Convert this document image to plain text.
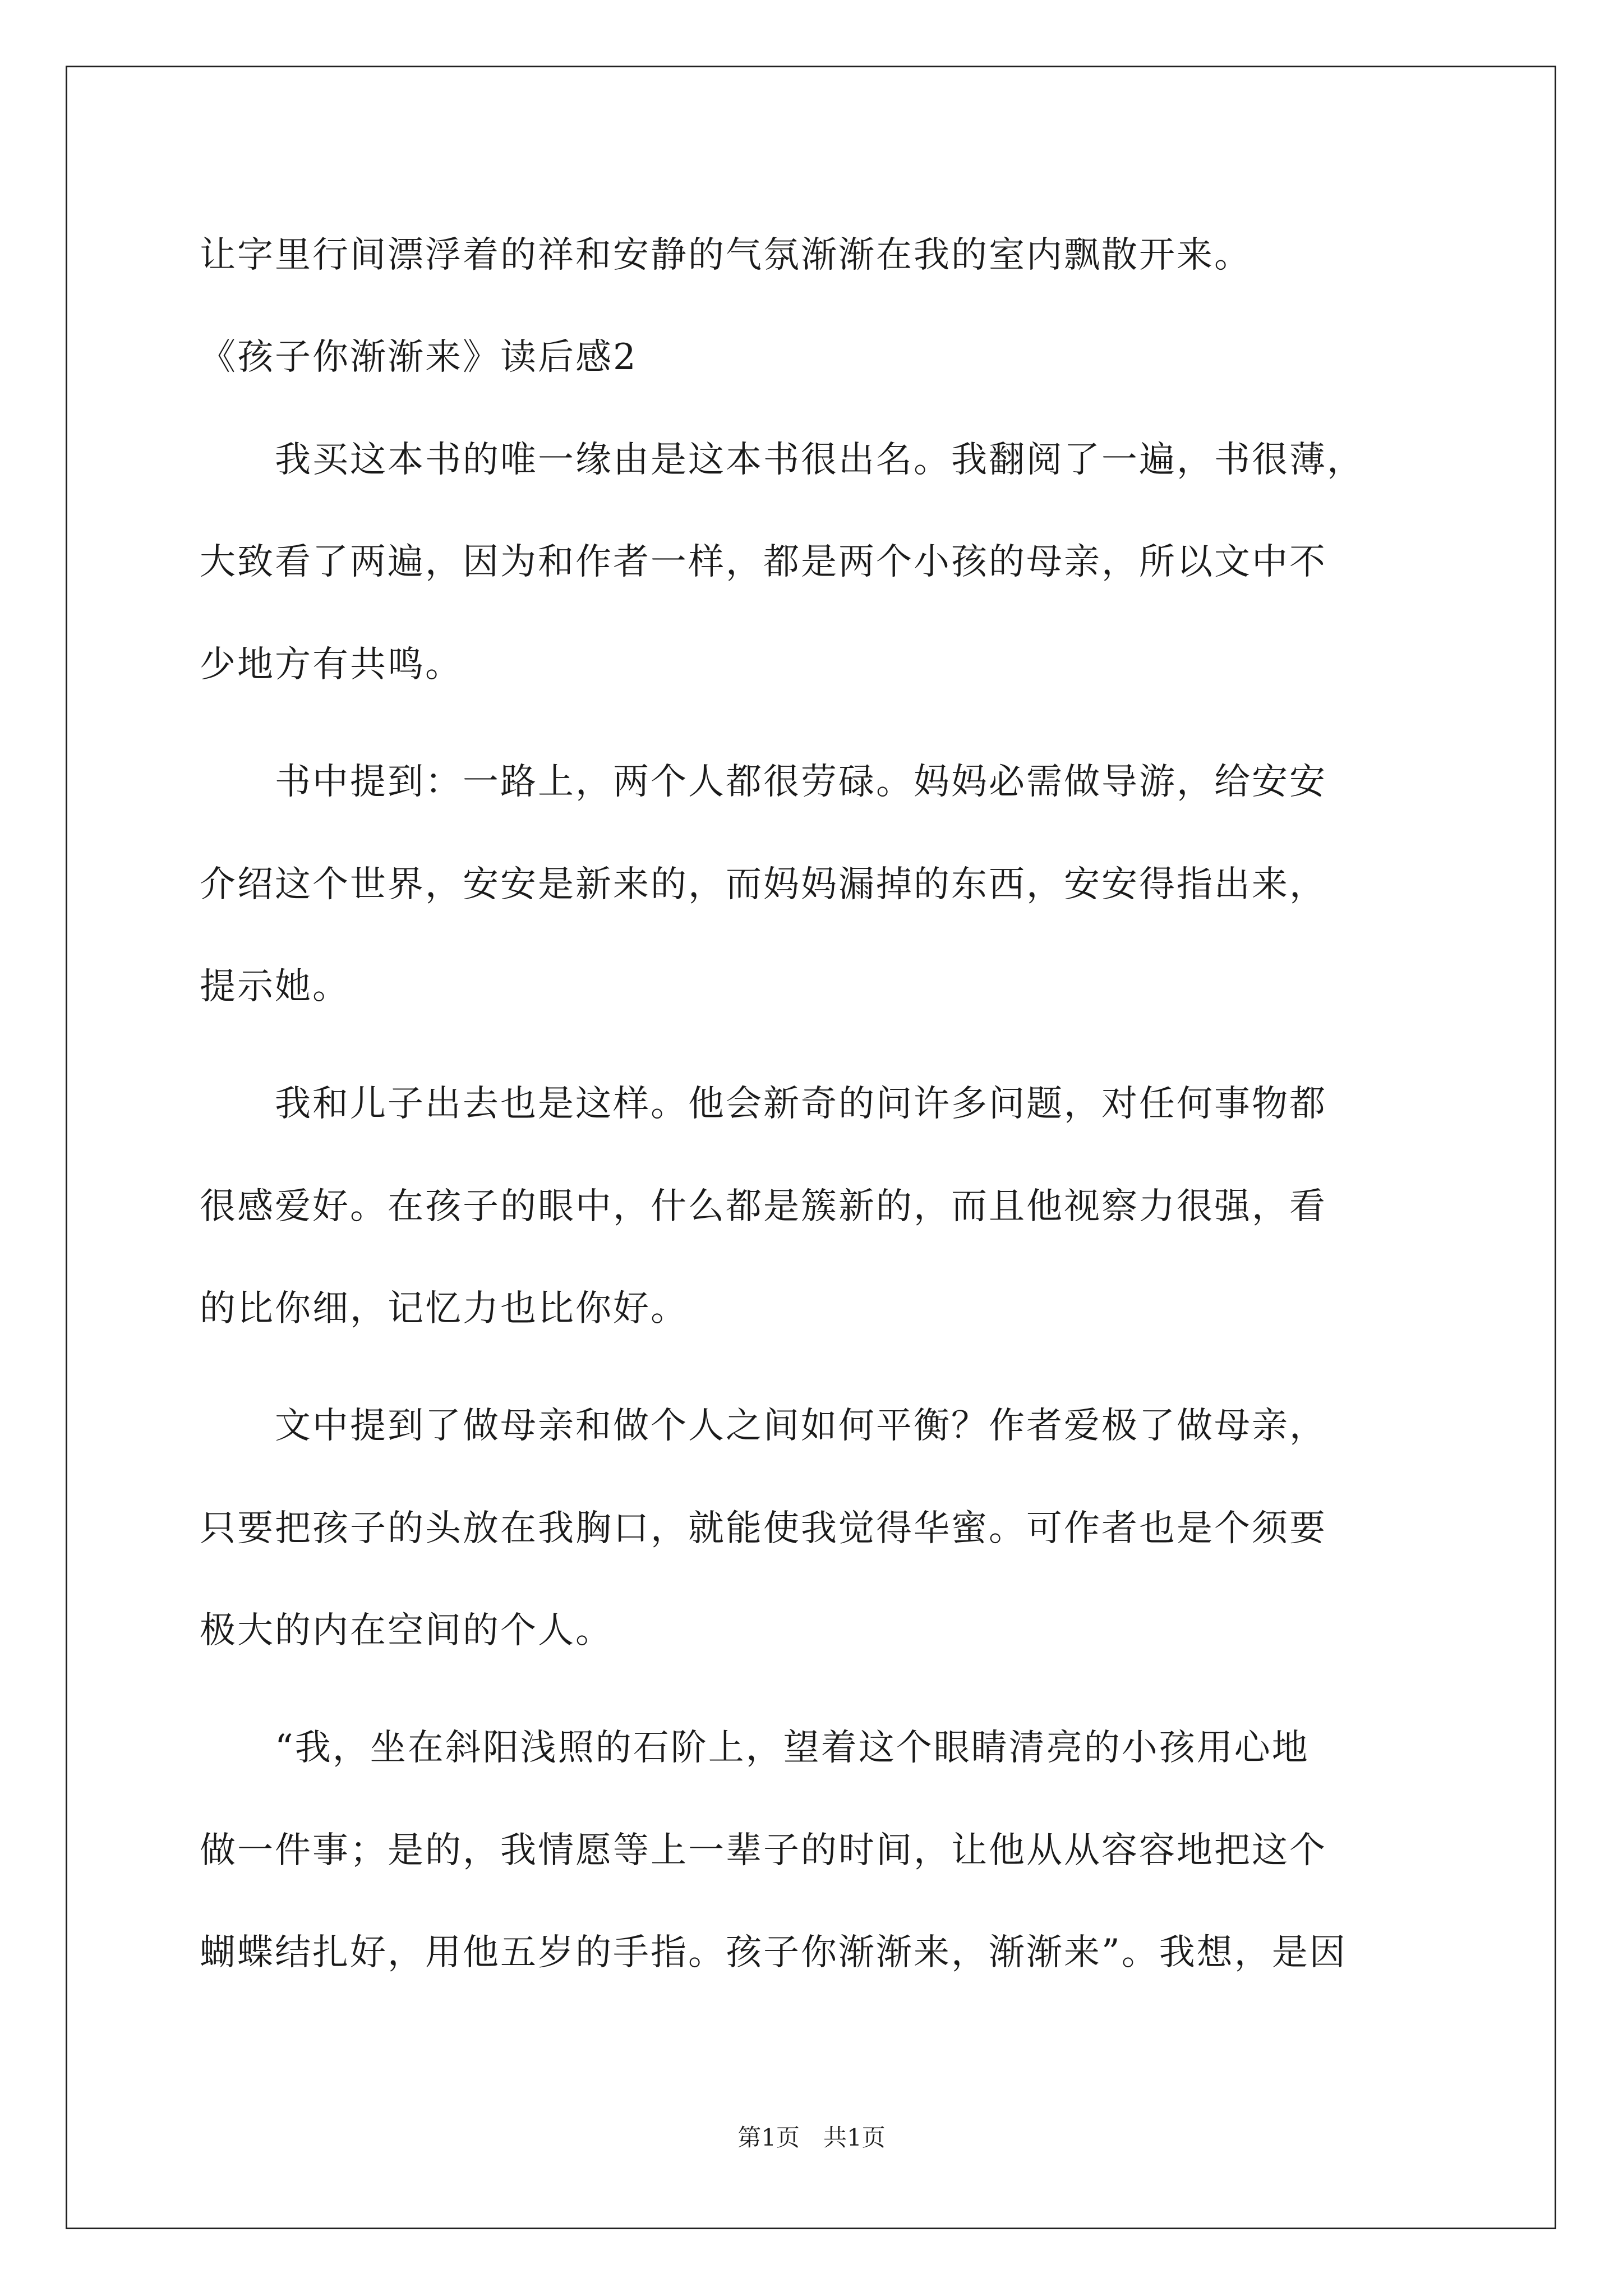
让字里行间漂浮着的祥和安静的气氛渐渐在我的室内飘散开来。
《孩子你渐渐来》读后感2
　　我买这本书的唯一缘由是这本书很出名。我翻阅了一遍，书很薄，
大致看了两遍，因为和作者一样，都是两个小孩的母亲，所以文中不
少地方有共鸣。
　　书中提到：一路上，两个人都很劳碌。妈妈必需做导游，给安安
介绍这个世界，安安是新来的，而妈妈漏掉的东西，安安得指出来，
提示她。
　　我和儿子出去也是这样。他会新奇的问许多问题，对任何事物都
很感爱好。在孩子的眼中，什么都是簇新的，而且他视察力很强，看
的比你细，记忆力也比你好。
　　文中提到了做母亲和做个人之间如何平衡？作者爱极了做母亲，
只要把孩子的头放在我胸口，就能使我觉得华蜜。可作者也是个须要
极大的内在空间的个人。
　　“我，坐在斜阳浅照的石阶上，望着这个眼睛清亮的小孩用心地
做一件事；是的，我情愿等上一辈子的时间，让他从从容容地把这个
蝴蝶结扎好，用他五岁的手指。孩子你渐渐来，渐渐来”。我想，是因
第1页 共1页
